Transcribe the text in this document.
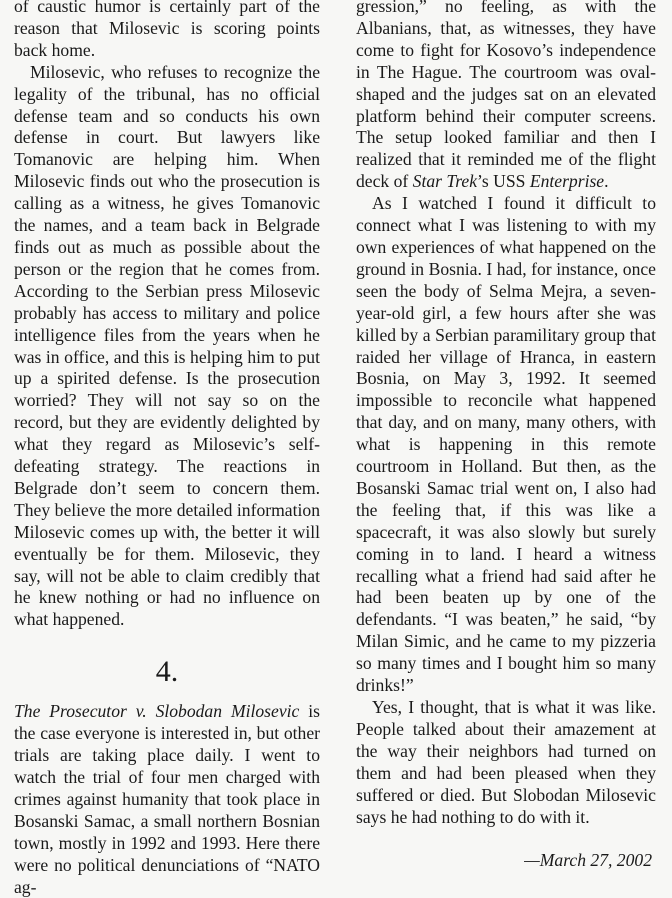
of caustic humor is certainly part of the reason that Milosevic is scoring points back home.

Milosevic, who refuses to recognize the legality of the tribunal, has no official defense team and so conducts his own defense in court. But lawyers like Tomanovic are helping him. When Milosevic finds out who the prosecution is calling as a witness, he gives Tomanovic the names, and a team back in Belgrade finds out as much as possible about the person or the region that he comes from. According to the Serbian press Milosevic probably has access to military and police intelligence files from the years when he was in office, and this is helping him to put up a spirited defense. Is the prosecution worried? They will not say so on the record, but they are evidently delighted by what they regard as Milosevic’s self-defeating strategy. The reactions in Belgrade don’t seem to concern them. They believe the more detailed information Milosevic comes up with, the better it will eventually be for them. Milosevic, they say, will not be able to claim credibly that he knew nothing or had no influence on what happened.

4.

The Prosecutor v. Slobodan Milosevic is the case everyone is interested in, but other trials are taking place daily. I went to watch the trial of four men charged with crimes against humanity that took place in Bosanski Samac, a small northern Bosnian town, mostly in 1992 and 1993. Here there were no political denunciations of “NATO ag-

gression,” no feeling, as with the Albanians, that, as witnesses, they have come to fight for Kosovo’s independence in The Hague. The courtroom was oval-shaped and the judges sat on an elevated platform behind their computer screens. The setup looked familiar and then I realized that it reminded me of the flight deck of Star Trek’s USS Enterprise.

As I watched I found it difficult to connect what I was listening to with my own experiences of what happened on the ground in Bosnia. I had, for instance, once seen the body of Selma Mejra, a seven-year-old girl, a few hours after she was killed by a Serbian paramilitary group that raided her village of Hranca, in eastern Bosnia, on May 3, 1992. It seemed impossible to reconcile what happened that day, and on many, many others, with what is happening in this remote courtroom in Holland. But then, as the Bosanski Samac trial went on, I also had the feeling that, if this was like a spacecraft, it was also slowly but surely coming in to land. I heard a witness recalling what a friend had said after he had been beaten up by one of the defendants. “I was beaten,” he said, “by Milan Simic, and he came to my pizzeria so many times and I bought him so many drinks!”

Yes, I thought, that is what it was like. People talked about their amazement at the way their neighbors had turned on them and had been pleased when they suffered or died. But Slobodan Milosevic says he had nothing to do with it.

—March 27, 2002
